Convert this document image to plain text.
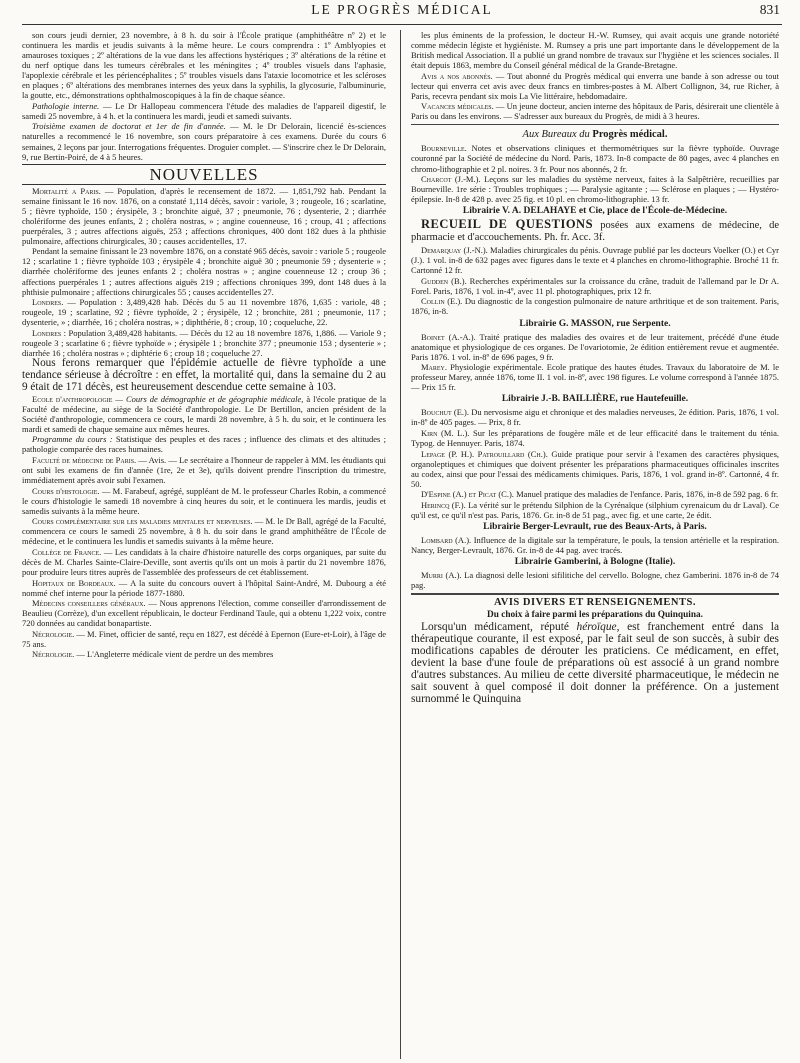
LE PROGRÈS MÉDICAL	831

son cours jeudi dernier, 23 novembre, à 8 h. du soir à l'École pratique (amphithéâtre nº 2) et le continuera les mardis et jeudis suivants à la même heure. Le cours comprendra : 1º Amblyopies et amauroses toxiques ; 2º altérations de la vue dans les affections hystériques ; 3º altérations de la rétine et du nerf optique dans les tumeurs cérébrales et les méningites ; 4º troubles visuels dans l'aphasie, l'apoplexie cérébrale et les périencéphalites ; 5º troubles visuels dans l'ataxie locomotrice et les scléroses en plaques ; 6º altérations des membranes internes des yeux dans la syphilis, la glycosurie, l'albuminurie, la goutte, etc., démonstrations ophthalmoscopiques à la fin de chaque séance.

Pathologie interne. — Le Dr Hallopeau commencera l'étude des maladies de l'appareil digestif, le samedi 25 novembre, à 4 h. et la continuera les mardi, jeudi et samedi suivants.

Troisième examen de doctorat et 1er de fin d'année. — M. le Dr Delorain, licencié ès-sciences naturelles a recommencé le 16 novembre, son cours préparatoire à ces examens. Durée du cours 6 semaines, 2 leçons par jour. Interrogations fréquentes. Droguier complet. — S'inscrire chez le Dr Delorain, 9, rue Bertin-Poiré, de 4 à 5 heures.

NOUVELLES

Mortalité a Paris. — Population, d'après le recensement de 1872. — 1,851,792 hab. Pendant la semaine finissant le 16 nov. 1876, on a constaté 1,114 décès, savoir : variole, 3 ; rougeole, 16 ; scarlatine, 5 ; fièvre typhoïde, 150 ; érysipèle, 3 ; bronchite aiguë, 37 ; pneumonie, 76 ; dysenterie, 2 ; diarrhée cholériforme des jeunes enfants, 2 ; choléra nostras, » ; angine couenneuse, 16 ; croup, 41 ; affections puerpérales, 3 ; autres affections aiguës, 253 ; affections chroniques, 400 dont 182 dues à la phthisie pulmonaire, affections chirurgicales, 30 ; causes accidentelles, 17.

Pendant la semaine finissant le 23 novembre 1876, on a constaté 965 décès, savoir : variole 5 ; rougeole 12 ; scarlatine 1 ; fièvre typhoïde 103 ; érysipèle 4 ; bronchite aiguë 30 ; pneumonie 59 ; dysenterie » ; diarrhée cholériforme des jeunes enfants 2 ; choléra nostras » ; angine couenneuse 12 ; croup 36 ; affections puerpérales 1 ; autres affections aiguës 219 ; affections chroniques 399, dont 148 dues à la phthisie pulmonaire ; affections chirurgicales 55 ; causes accidentelles 27.

Londres. — Population : 3,489,428 hab. Décès du 5 au 11 novembre 1876, 1,635 : variole, 48 ; rougeole, 19 ; scarlatine, 92 ; fièvre typhoïde, 2 ; érysipèle, 12 ; bronchite, 281 ; pneumonie, 117 ; dysenterie, » ; diarrhée, 16 ; choléra nostras, » ; diphthérie, 8 ; croup, 10 ; coqueluche, 22.

Londres : Population 3,489,428 habitants. — Décès du 12 au 18 novembre 1876, 1,886. — Variole 9 ; rougeole 3 ; scarlatine 6 ; fièvre typhoïde » ; érysipèle 1 ; bronchite 377 ; pneumonie 153 ; dysenterie » ; diarrhée 16 ; choléra nostras » ; diphtérie 6 ; croup 18 ; coqueluche 27.

Nous ferons remarquer que l'épidémie actuelle de fièvre typhoïde a une tendance sérieuse à décroître : en effet, la mortalité qui, dans la semaine du 2 au 9 était de 171 décès, est heureusement descendue cette semaine à 103.

Ecole d'anthropologie — Cours de démographie et de géographie médicale, à l'école pratique de la Faculté de médecine, au siège de la Société d'anthropologie. Le Dr Bertillon, ancien président de la Société d'anthropologie, commencera ce cours, le mardi 28 novembre, à 5 h. du soir, et le continuera les mardi et samedi de chaque semaine aux mêmes heures.

Programme du cours : Statistique des peuples et des races ; influence des climats et des altitudes ; pathologie comparée des races humaines.

Faculté de médecine de Paris. — Avis. — Le secrétaire a l'honneur de rappeler à MM. les étudiants qui ont subi les examens de fin d'année (1re, 2e et 3e), qu'ils doivent prendre l'inscription du trimestre, immédiatement après avoir subi l'examen.

Cours d'histologie. — M. Farabeuf, agrégé, suppléant de M. le professeur Charles Robin, a commencé le cours d'histologie le samedi 18 novembre à cinq heures du soir, et le continuera les mardis, jeudis et samedis suivants à la même heure.

Cours complémentaire sur les maladies mentales et nerveuses. — M. le Dr Ball, agrégé de la Faculté, commencera ce cours le samedi 25 novembre, à 8 h. du soir dans le grand amphithéâtre de l'École de médecine, et le continuera les lundis et samedis suivants à la même heure.

Collège de France. — Les candidats à la chaire d'histoire naturelle des corps organiques, par suite du décès de M. Charles Sainte-Claire-Deville, sont avertis qu'ils ont un mois à partir du 21 novembre 1876, pour produire leurs titres auprès de l'assemblée des professeurs de cet établissement.

Hopitaux de Bordeaux. — A la suite du concours ouvert à l'hôpital Saint-André, M. Dubourg a été nommé chef interne pour la période 1877-1880.

Médecins conseillers généraux. — Nous apprenons l'élection, comme conseiller d'arrondissement de Beaulieu (Corrèze), d'un excellent républicain, le docteur Ferdinand Taule, qui a obtenu 1,222 voix, contre 720 données au candidat bonapartiste.

Nécrologie. — M. Finet, officier de santé, reçu en 1827, est décédé à Epernon (Eure-et-Loir), à l'âge de 75 ans.

Nécrologie. — L'Angleterre médicale vient de perdre un des membres

les plus éminents de la profession, le docteur H.-W. Rumsey, qui avait acquis une grande notoriété comme médecin légiste et hygiéniste. M. Rumsey a pris une part importante dans le développement de la British medical Association. Il a publié un grand nombre de travaux sur l'hygiène et les sciences sociales. Il était depuis 1863, membre du Conseil général médical de la Grande-Bretagne.

Avis a nos abonnés. — Tout abonné du Progrès médical qui enverra une bande à son adresse ou tout lecteur qui enverra cet avis avec deux francs en timbres-postes à M. Albert Collignon, 34, rue Richer, à Paris, recevra pendant six mois La Vie littéraire, hebdomadaire.

Vacances médicales. — Un jeune docteur, ancien interne des hôpitaux de Paris, désirerait une clientèle à Paris ou dans les environs. — S'adresser aux bureaux du Progrès, de midi à 3 heures.

Aux Bureaux du Progrès médical.

Bourneville. Notes et observations cliniques et thermométriques sur la fièvre typhoïde. Ouvrage couronné par la Société de médecine du Nord. Paris, 1873. In-8 compacte de 80 pages, avec 4 planches en chromo-lithographie et 2 pl. noires. 3 fr. Pour nos abonnés, 2 fr.

Charcot (J.-M.). Leçons sur les maladies du système nerveux, faites à la Salpêtrière, recueillies par Bourneville. 1re série : Troubles trophiques ; — Paralysie agitante ; — Sclérose en plaques ; — Hystéro-épilepsie. In-8 de 428 p. avec 25 fig. et 10 pl. en chromo-lithographie. 13 fr.

Librairie V. A. DELAHAYE et Cie, place de l'École-de-Médecine.

RECUEIL DE QUESTIONS posées aux examens de médecine, de pharmacie et d'accouchements. Ph. fr. Acc. 3f.

Demarquay (J.-N.). Maladies chirurgicales du pénis. Ouvrage publié par les docteurs Voelker (O.) et Cyr (J.). 1 vol. in-8 de 632 pages avec figures dans le texte et 4 planches en chromo-lithographie. Broché 11 fr. Cartonné 12 fr.

Gudden (B.). Recherches expérimentales sur la croissance du crâne, traduit de l'allemand par le Dr A. Forel. Paris, 1876, 1 vol. in-4º, avec 11 pl. photographiques, prix 12 fr.

Collin (E.). Du diagnostic de la congestion pulmonaire de nature arthritique et de son traitement. Paris, 1876, in-8.

Librairie G. MASSON, rue Serpente.

Boinet (A.-A.). Traité pratique des maladies des ovaires et de leur traitement, précédé d'une étude anatomique et physiologique de ces organes. De l'ovariotomie, 2e édition entièrement revue et augmentée. Paris 1876. 1 vol. in-8º de 696 pages, 9 fr.

Marey. Physiologie expérimentale. Ecole pratique des hautes études. Travaux du laboratoire de M. le professeur Marey, année 1876, tome II. 1 vol. in-8º, avec 198 figures. Le volume correspond à l'année 1875. — Prix 15 fr.

Librairie J.-B. BAILLIÈRE, rue Hautefeuille.

Bouchut (E.). Du nervosisme aigu et chronique et des maladies nerveuses, 2e édition. Paris, 1876, 1 vol. in-8º de 405 pages. — Prix, 8 fr.

Kirn (M. L.). Sur les préparations de fougère mâle et de leur efficacité dans le traitement du ténia. Typog. de Hennuyer. Paris, 1874.

Lepage (P. H.). Patrouillard (Ch.). Guide pratique pour servir à l'examen des caractères physiques, organoleptiques et chimiques que doivent présenter les préparations pharmaceutiques officinales inscrites au codex, ainsi que pour l'essai des médicaments chimiques. Paris, 1876, 1 vol. grand in-8º. Cartonné, 4 fr. 50.

D'Espine (A.) et Picat (C.). Manuel pratique des maladies de l'enfance. Paris, 1876, in-8 de 592 pag. 6 fr.

Herincq (F.). La vérité sur le prétendu Silphion de la Cyrénaïque (silphium cyrenaicum du dr Laval). Ce qu'il est, ce qu'il n'est pas. Paris, 1876. Gr. in-8 de 51 pag., avec fig. et une carte, 2e édit.

Librairie Berger-Levrault, rue des Beaux-Arts, à Paris.

Lombard (A.). Influence de la digitale sur la température, le pouls, la tension artérielle et la respiration. Nancy, Berger-Levrault, 1876. Gr. in-8 de 44 pag. avec tracés.

Librairie Gamberini, à Bologne (Italie).

Murri (A.). La diagnosi delle lesioni sifilitiche del cervello. Bologne, chez Gamberini. 1876 in-8 de 74 pag.

AVIS DIVERS ET RENSEIGNEMENTS.
Du choix à faire parmi les préparations du Quinquina.

Lorsqu'un médicament, réputé héroïque, est franchement entré dans la thérapeutique courante, il est exposé, par le fait seul de son succès, à subir des modifications capables de dérouter les praticiens. Ce médicament, en effet, devient la base d'une foule de préparations où est associé à un grand nombre d'autres substances. Au milieu de cette diversité pharmaceutique, le médecin ne sait souvent à quel composé il doit donner la préférence. On a justement surnommé le Quinquina
